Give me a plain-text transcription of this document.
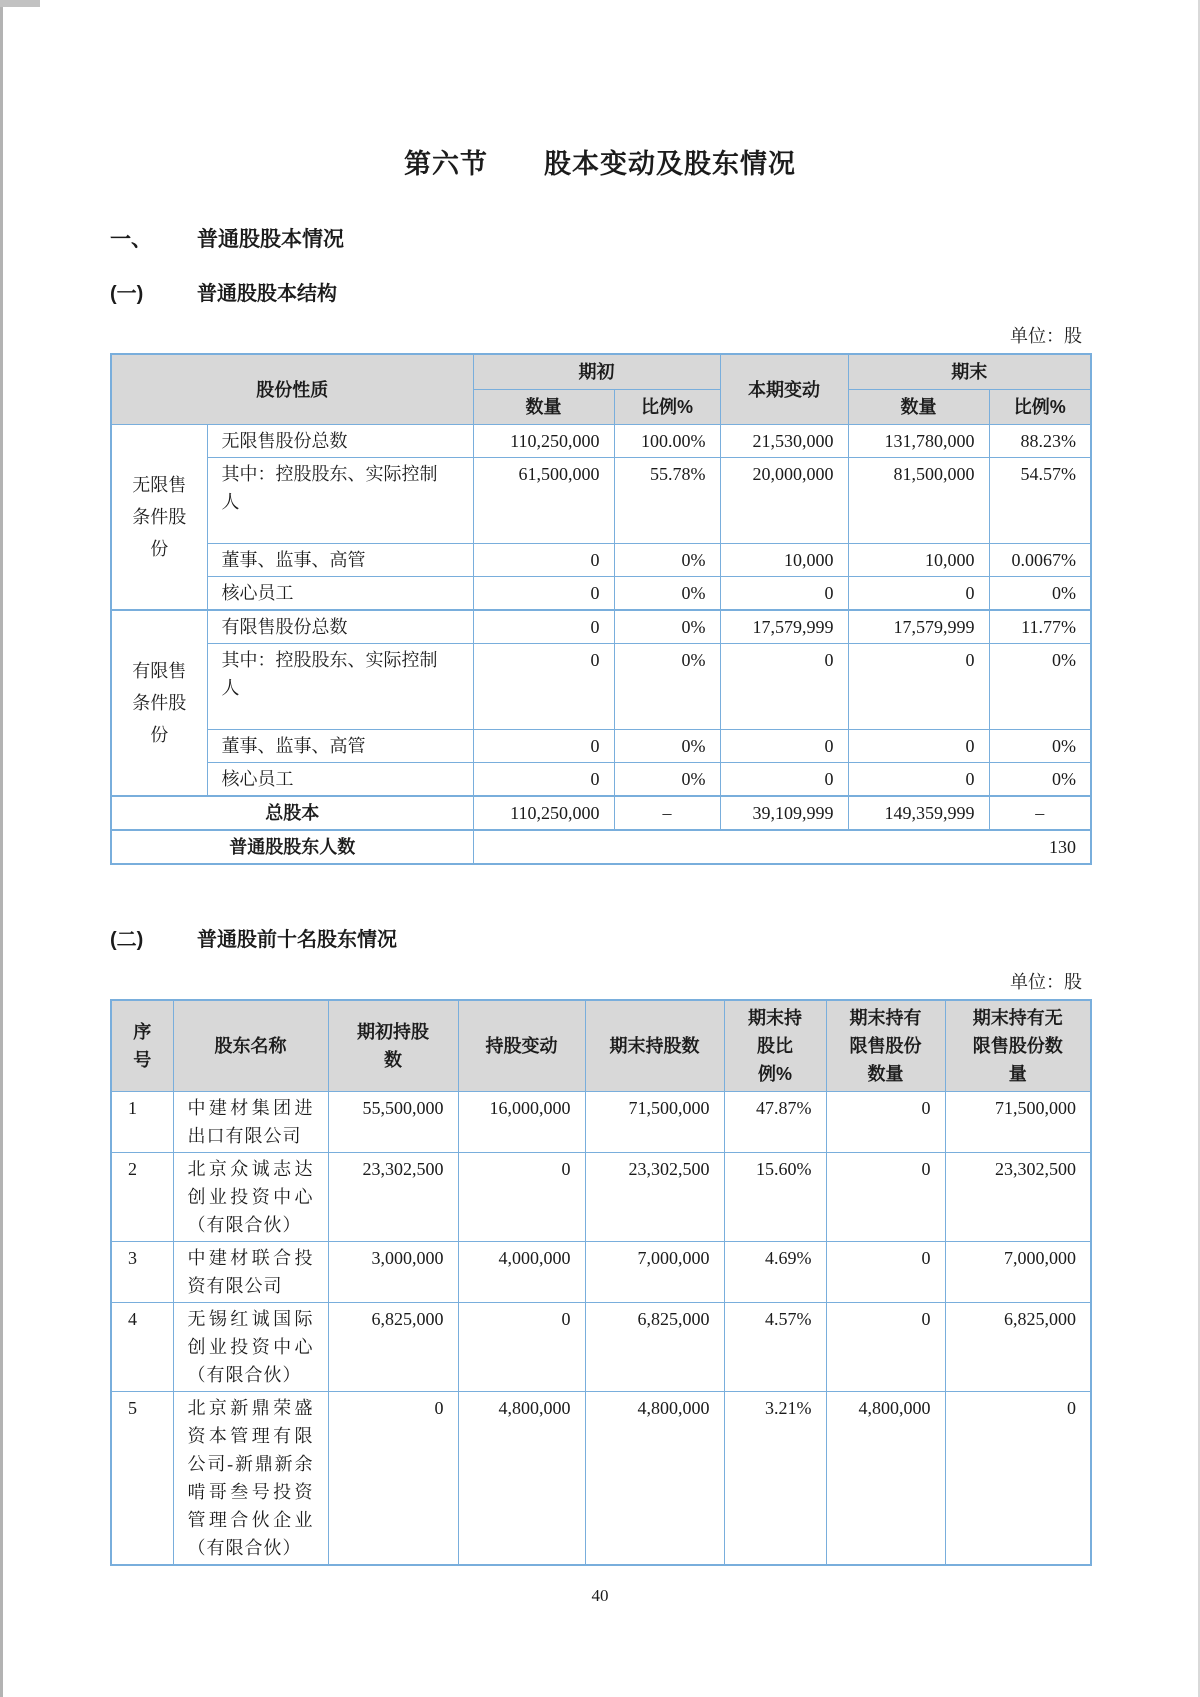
第六节　　股本变动及股东情况
一、	普通股股本情况
(一)	普通股股本结构
单位：股
股份性质		期初		本期变动	期末	
		数量	比例%		数量	比例%
无限售条件股份	无限售股份总数	110,250,000	100.00%	21,530,000	131,780,000	88.23%
	其中：控股股东、实际控制人	61,500,000	55.78%	20,000,000	81,500,000	54.57%
	董事、监事、高管	0	0%	10,000	10,000	0.0067%
	核心员工	0	0%	0	0	0%
有限售条件股份	有限售股份总数	0	0%	17,579,999	17,579,999	11.77%
	其中：控股股东、实际控制人	0	0%	0	0	0%
	董事、监事、高管	0	0%	0	0	0%
	核心员工	0	0%	0	0	0%
总股本		110,250,000	–	39,109,999	149,359,999	–
普通股股东人数		130				
(二)	普通股前十名股东情况
单位：股
序号	股东名称	期初持股数	持股变动	期末持股数	期末持股比例%	期末持有限售股份数量	期末持有无限售股份数量
1	中建材集团进出口有限公司	55,500,000	16,000,000	71,500,000	47.87%	0	71,500,000
2	北京众诚志达创业投资中心（有限合伙）	23,302,500	0	23,302,500	15.60%	0	23,302,500
3	中建材联合投资有限公司	3,000,000	4,000,000	7,000,000	4.69%	0	7,000,000
4	无锡红诚国际创业投资中心（有限合伙）	6,825,000	0	6,825,000	4.57%	0	6,825,000
5	北京新鼎荣盛资本管理有限公司-新鼎新余啃哥叁号投资管理合伙企业（有限合伙）	0	4,800,000	4,800,000	3.21%	4,800,000	0
40
